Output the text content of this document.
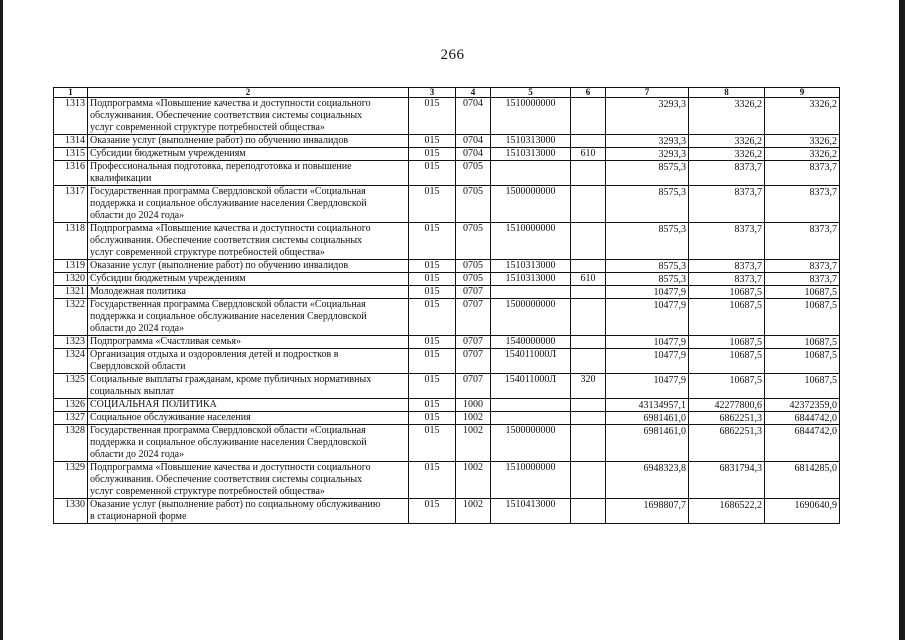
266
1	2	3	4	5	6	7	8	9
1313	Подпрограмма «Повышение качества и доступности социального
обслуживания. Обеспечение соответствия системы социальных
услуг современной структуре потребностей общества»	015	0704	1510000000		3293,3	3326,2	3326,2
1314	Оказание услуг (выполнение работ) по обучению инвалидов	015	0704	1510313000		3293,3	3326,2	3326,2
1315	Субсидии бюджетным учреждениям	015	0704	1510313000	610	3293,3	3326,2	3326,2
1316	Профессиональная подготовка, переподготовка и повышение
квалификации	015	0705			8575,3	8373,7	8373,7
1317	Государственная программа Свердловской области «Социальная
поддержка и социальное обслуживание населения Свердловской
области до 2024 года»	015	0705	1500000000		8575,3	8373,7	8373,7
1318	Подпрограмма «Повышение качества и доступности социального
обслуживания. Обеспечение соответствия системы социальных
услуг современной структуре потребностей общества»	015	0705	1510000000		8575,3	8373,7	8373,7
1319	Оказание услуг (выполнение работ) по обучению инвалидов	015	0705	1510313000		8575,3	8373,7	8373,7
1320	Субсидии бюджетным учреждениям	015	0705	1510313000	610	8575,3	8373,7	8373,7
1321	Молодежная политика	015	0707			10477,9	10687,5	10687,5
1322	Государственная программа Свердловской области «Социальная
поддержка и социальное обслуживание населения Свердловской
области до 2024 года»	015	0707	1500000000		10477,9	10687,5	10687,5
1323	Подпрограмма «Счастливая семья»	015	0707	1540000000		10477,9	10687,5	10687,5
1324	Организация отдыха и оздоровления детей и подростков в
Свердловской области	015	0707	154011000Л		10477,9	10687,5	10687,5
1325	Социальные выплаты гражданам, кроме публичных нормативных
социальных выплат	015	0707	154011000Л	320	10477,9	10687,5	10687,5
1326	СОЦИАЛЬНАЯ ПОЛИТИКА	015	1000			43134957,1	42277800,6	42372359,0
1327	Социальное обслуживание населения	015	1002			6981461,0	6862251,3	6844742,0
1328	Государственная программа Свердловской области «Социальная
поддержка и социальное обслуживание населения Свердловской
области до 2024 года»	015	1002	1500000000		6981461,0	6862251,3	6844742,0
1329	Подпрограмма «Повышение качества и доступности социального
обслуживания. Обеспечение соответствия системы социальных
услуг современной структуре потребностей общества»	015	1002	1510000000		6948323,8	6831794,3	6814285,0
1330	Оказание услуг (выполнение работ) по социальному обслуживанию
в стационарной форме	015	1002	1510413000		1698807,7	1686522,2	1690640,9
